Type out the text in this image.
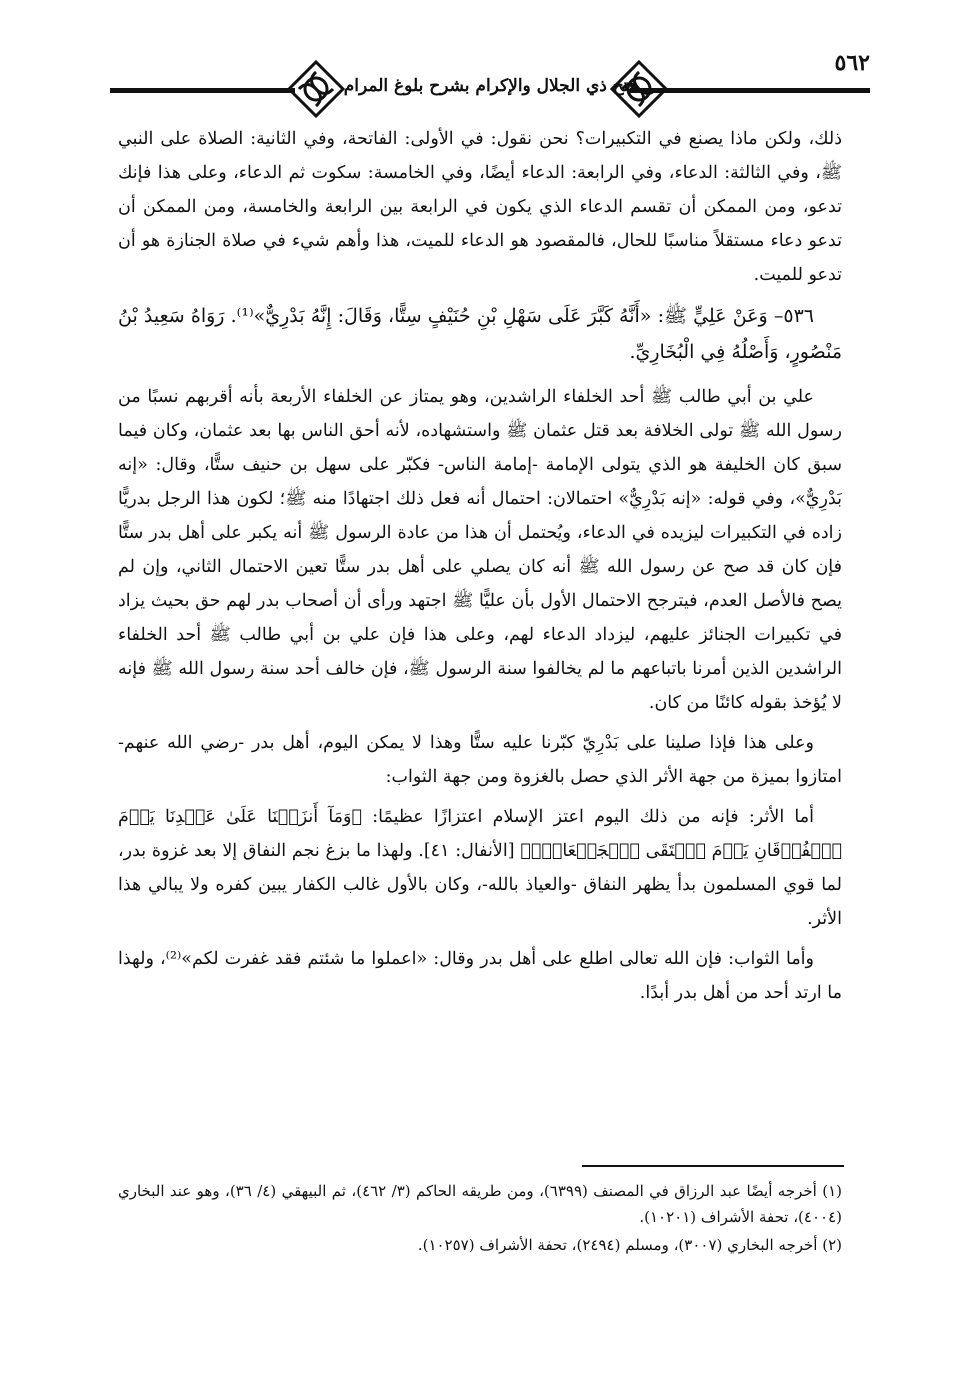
فتح ذي الجلال والإكرام بشرح بلوغ المرام
٥٦٢

ذلك، ولكن ماذا يصنع في التكبيرات؟ نحن نقول: في الأولى: الفاتحة، وفي الثانية: الصلاة على النبي ﷺ، وفي الثالثة: الدعاء، وفي الرابعة: الدعاء أيضًا، وفي الخامسة: سكوت ثم الدعاء، وعلى هذا فإنك تدعو، ومن الممكن أن تقسم الدعاء الذي يكون في الرابعة بين الرابعة والخامسة، ومن الممكن أن تدعو دعاء مستقلاً مناسبًا للحال، فالمقصود هو الدعاء للميت، هذا وأهم شيء في صلاة الجنازة هو أن تدعو للميت.

٥٣٦– وَعَنْ عَلِيٍّ ﷺ: «أَنَّهُ كَبَّرَ عَلَى سَهْلِ بْنِ حُنَيْفٍ سِتًّا، وَقَالَ: إِنَّهُ بَدْرِيٌّ»⁽¹⁾. رَوَاهُ سَعِيدُ بْنُ مَنْصُورٍ، وَأَصْلُهُ فِي الْبُخَارِيِّ.

علي بن أبي طالب ﷺ أحد الخلفاء الراشدين، وهو يمتاز عن الخلفاء الأربعة بأنه أقربهم نسبًا من رسول الله ﷺ تولى الخلافة بعد قتل عثمان ﷺ واستشهاده، لأنه أحق الناس بها بعد عثمان، وكان فيما سبق كان الخليفة هو الذي يتولى الإمامة -إمامة الناس- فكبّر على سهل بن حنيف ستًّا، وقال: «إنه بَدْرِيٌّ»، وفي قوله: «إنه بَدْرِيٌّ» احتمالان: احتمال أنه فعل ذلك اجتهادًا منه ﷺ؛ لكون هذا الرجل بدريًّا زاده في التكبيرات ليزيده في الدعاء، ويُحتمل أن هذا من عادة الرسول ﷺ أنه يكبر على أهل بدر ستًّا فإن كان قد صح عن رسول الله ﷺ أنه كان يصلي على أهل بدر ستًّا تعين الاحتمال الثاني، وإن لم يصح فالأصل العدم، فيترجح الاحتمال الأول بأن عليًّا ﷺ اجتهد ورأى أن أصحاب بدر لهم حق بحيث يزاد في تكبيرات الجنائز عليهم، ليزداد الدعاء لهم، وعلى هذا فإن علي بن أبي طالب ﷺ أحد الخلفاء الراشدين الذين أمرنا باتباعهم ما لم يخالفوا سنة الرسول ﷺ، فإن خالف أحد سنة رسول الله ﷺ فإنه لا يُؤخذ بقوله كائنًا من كان.

وعلى هذا فإذا صلينا على بَدْرِيّ كبّرنا عليه ستًّا وهذا لا يمكن اليوم، أهل بدر -رضي الله عنهم- امتازوا بميزة من جهة الأثر الذي حصل بالغزوة ومن جهة الثواب:

أما الأثر: فإنه من ذلك اليوم اعتز الإسلام اعتزازًا عظيمًا: ﴿وَمَآ أَنزَلۡنَا عَلَىٰ عَبۡدِنَا يَوۡمَ ٱلۡفُرۡقَانِ يَوۡمَ ٱلۡتَقَى ٱلۡجَمۡعَانِۗ﴾ [الأنفال: ٤١]. ولهذا ما بزغ نجم النفاق إلا بعد غزوة بدر، لما قوي المسلمون بدأ يظهر النفاق -والعياذ بالله-، وكان بالأول غالب الكفار يبين كفره ولا يبالي هذا الأثر.

وأما الثواب: فإن الله تعالى اطلع على أهل بدر وقال: «اعملوا ما شئتم فقد غفرت لكم»⁽²⁾، ولهذا ما ارتد أحد من أهل بدر أبدًا.

(١) أخرجه أيضًا عبد الرزاق في المصنف (٦٣٩٩)، ومن طريقه الحاكم (٣/ ٤٦٢)، ثم البيهقي (٤/ ٣٦)، وهو عند البخاري (٤٠٠٤)، تحفة الأشراف (١٠٢٠١).

(٢) أخرجه البخاري (٣٠٠٧)، ومسلم (٢٤٩٤)، تحفة الأشراف (١٠٢٥٧).
